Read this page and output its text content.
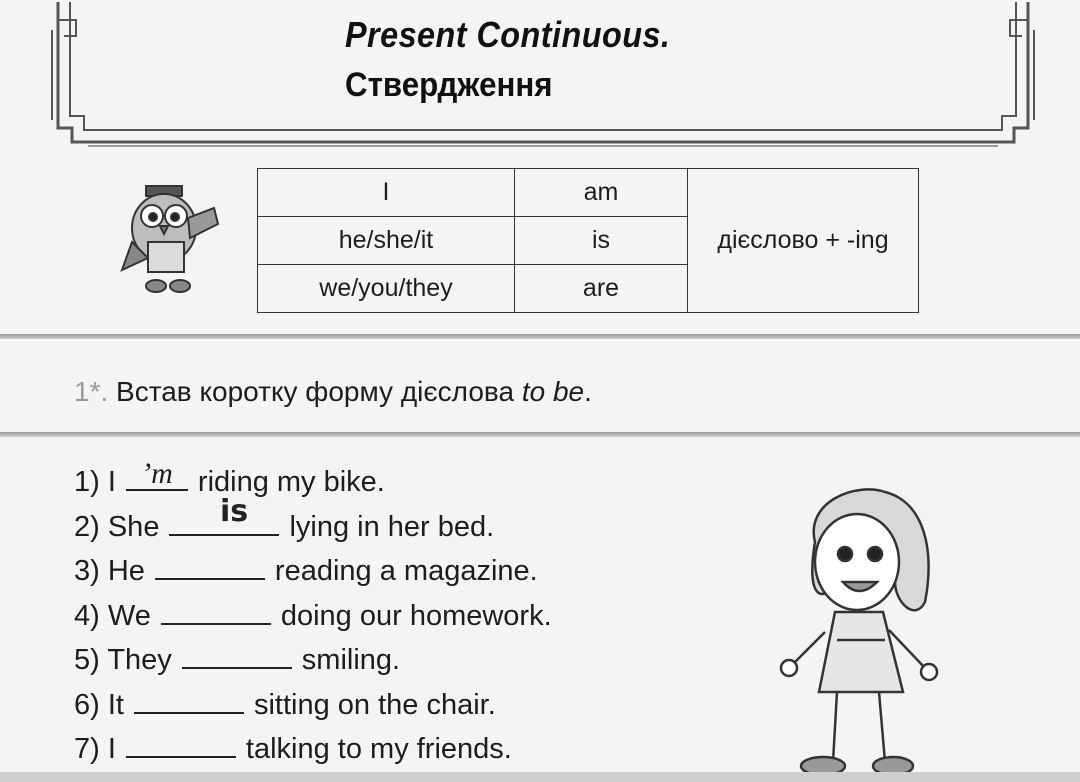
Present Continuous.
Ствердження
I	am	дієслово + -ing
he/she/it	is	
we/you/they	are	
1*. Встав коротку форму дієслова to be.
1) I ’m riding my bike.
2) She	lying in her bed.
3) He	reading a magazine.
4) We	doing our homework.
5) They	smiling.
6) It	sitting on the chair.
7) I	talking to my friends.
is
